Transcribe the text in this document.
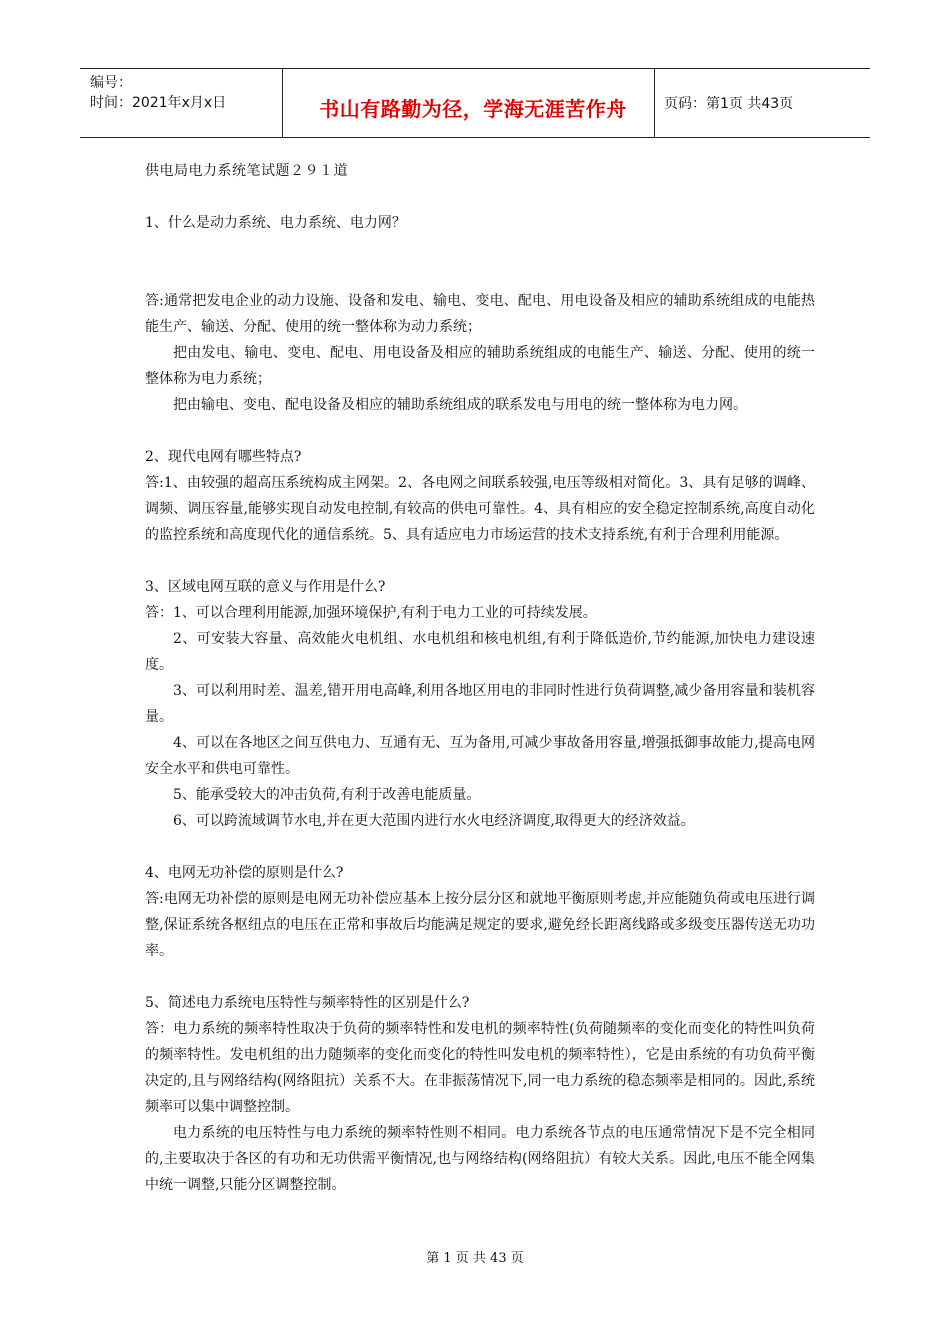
编号：
时间：2021年x月x日	书山有路勤为径，学海无涯苦作舟	页码：第1页 共43页

供电局电力系统笔试题２９１道

1、什么是动力系统、电力系统、电力网？

答:通常把发电企业的动力设施、设备和发电、输电、变电、配电、用电设备及相应的辅助系统组成的电能热能生产、输送、分配、使用的统一整体称为动力系统；

把由发电、输电、变电、配电、用电设备及相应的辅助系统组成的电能生产、输送、分配、使用的统一整体称为电力系统；

把由输电、变电、配电设备及相应的辅助系统组成的联系发电与用电的统一整体称为电力网。

2、现代电网有哪些特点?

答:1、由较强的超高压系统构成主网架。2、各电网之间联系较强,电压等级相对简化。3、具有足够的调峰、调频、调压容量,能够实现自动发电控制,有较高的供电可靠性。4、具有相应的安全稳定控制系统,高度自动化的监控系统和高度现代化的通信系统。5、具有适应电力市场运营的技术支持系统,有利于合理利用能源。

3、区域电网互联的意义与作用是什么?

答：1、可以合理利用能源,加强环境保护,有利于电力工业的可持续发展。

2、可安装大容量、高效能火电机组、水电机组和核电机组,有利于降低造价,节约能源,加快电力建设速度。

3、可以利用时差、温差,错开用电高峰,利用各地区用电的非同时性进行负荷调整,减少备用容量和装机容量。

4、可以在各地区之间互供电力、互通有无、互为备用,可减少事故备用容量,增强抵御事故能力,提高电网安全水平和供电可靠性。

5、能承受较大的冲击负荷,有利于改善电能质量。

6、可以跨流域调节水电,并在更大范围内进行水火电经济调度,取得更大的经济效益。

4、电网无功补偿的原则是什么?

答:电网无功补偿的原则是电网无功补偿应基本上按分层分区和就地平衡原则考虑,并应能随负荷或电压进行调整,保证系统各枢纽点的电压在正常和事故后均能满足规定的要求,避免经长距离线路或多级变压器传送无功功率。

5、简述电力系统电压特性与频率特性的区别是什么?

答：电力系统的频率特性取决于负荷的频率特性和发电机的频率特性(负荷随频率的变化而变化的特性叫负荷的频率特性。发电机组的出力随频率的变化而变化的特性叫发电机的频率特性），它是由系统的有功负荷平衡决定的,且与网络结构(网络阻抗）关系不大。在非振荡情况下,同一电力系统的稳态频率是相同的。因此,系统频率可以集中调整控制。

电力系统的电压特性与电力系统的频率特性则不相同。电力系统各节点的电压通常情况下是不完全相同的,主要取决于各区的有功和无功供需平衡情况,也与网络结构(网络阻抗）有较大关系。因此,电压不能全网集中统一调整,只能分区调整控制。

第 1 页 共 43 页
